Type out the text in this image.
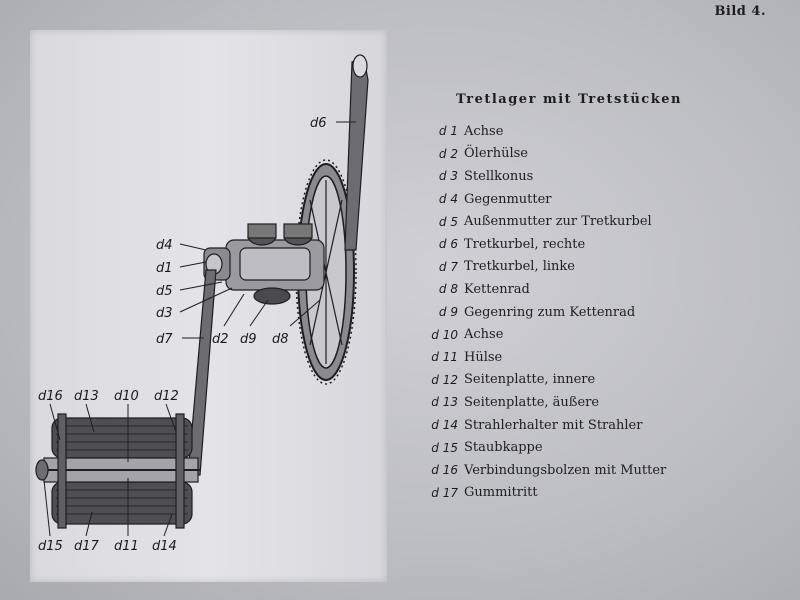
Bild 4.
d6
d4
d1
d5
d3
d7	d2 d9 d8
d16 d13 d10 d12
d15 d17 d11 d14
Tretlager mit Tretstücken
d 1 Achse
d 2 Ölerhülse
d 3 Stellkonus
d 4 Gegenmutter
d 5 Außenmutter zur Tretkurbel
d 6 Tretkurbel, rechte
d 7 Tretkurbel, linke
d 8 Kettenrad
d 9 Gegenring zum Kettenrad
d 10 Achse
d 11 Hülse
d 12 Seitenplatte, innere
d 13 Seitenplatte, äußere
d 14 Strahlerhalter mit Strahler
d 15 Staubkappe
d 16 Verbindungsbolzen mit Mutter
d 17 Gummitritt
